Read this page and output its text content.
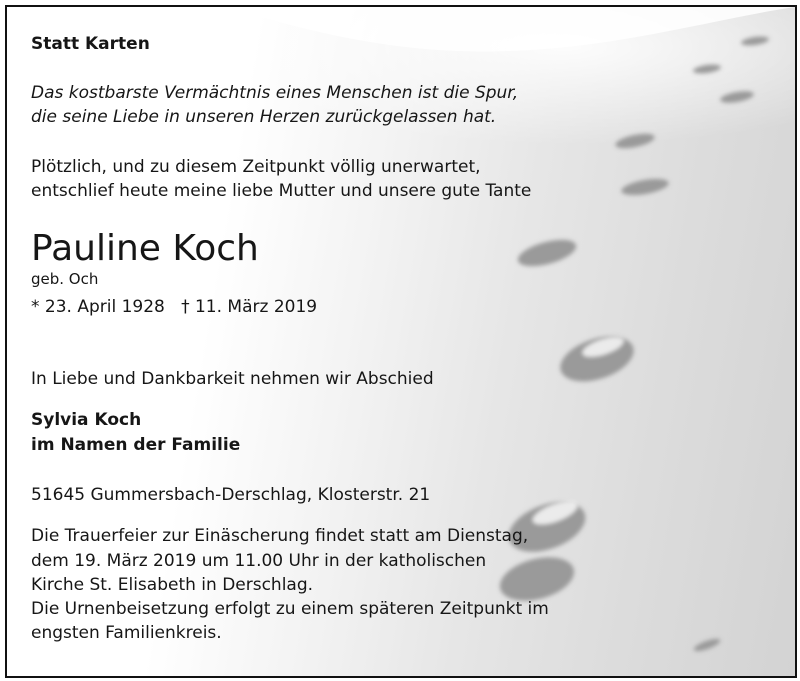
Statt Karten
Das kostbarste Vermächtnis eines Menschen ist die Spur,
die seine Liebe in unseren Herzen zurückgelassen hat.
Plötzlich, und zu diesem Zeitpunkt völlig unerwartet,
entschlief heute meine liebe Mutter und unsere gute Tante
Pauline Koch
geb. Och
* 23. April 1928   † 11. März 2019
In Liebe und Dankbarkeit nehmen wir Abschied
Sylvia Koch
im Namen der Familie
51645 Gummersbach-Derschlag, Klosterstr. 21
Die Trauerfeier zur Einäscherung findet statt am Dienstag,
dem 19. März 2019 um 11.00 Uhr in der katholischen
Kirche St. Elisabeth in Derschlag.
Die Urnenbeisetzung erfolgt zu einem späteren Zeitpunkt im
engsten Familienkreis.
